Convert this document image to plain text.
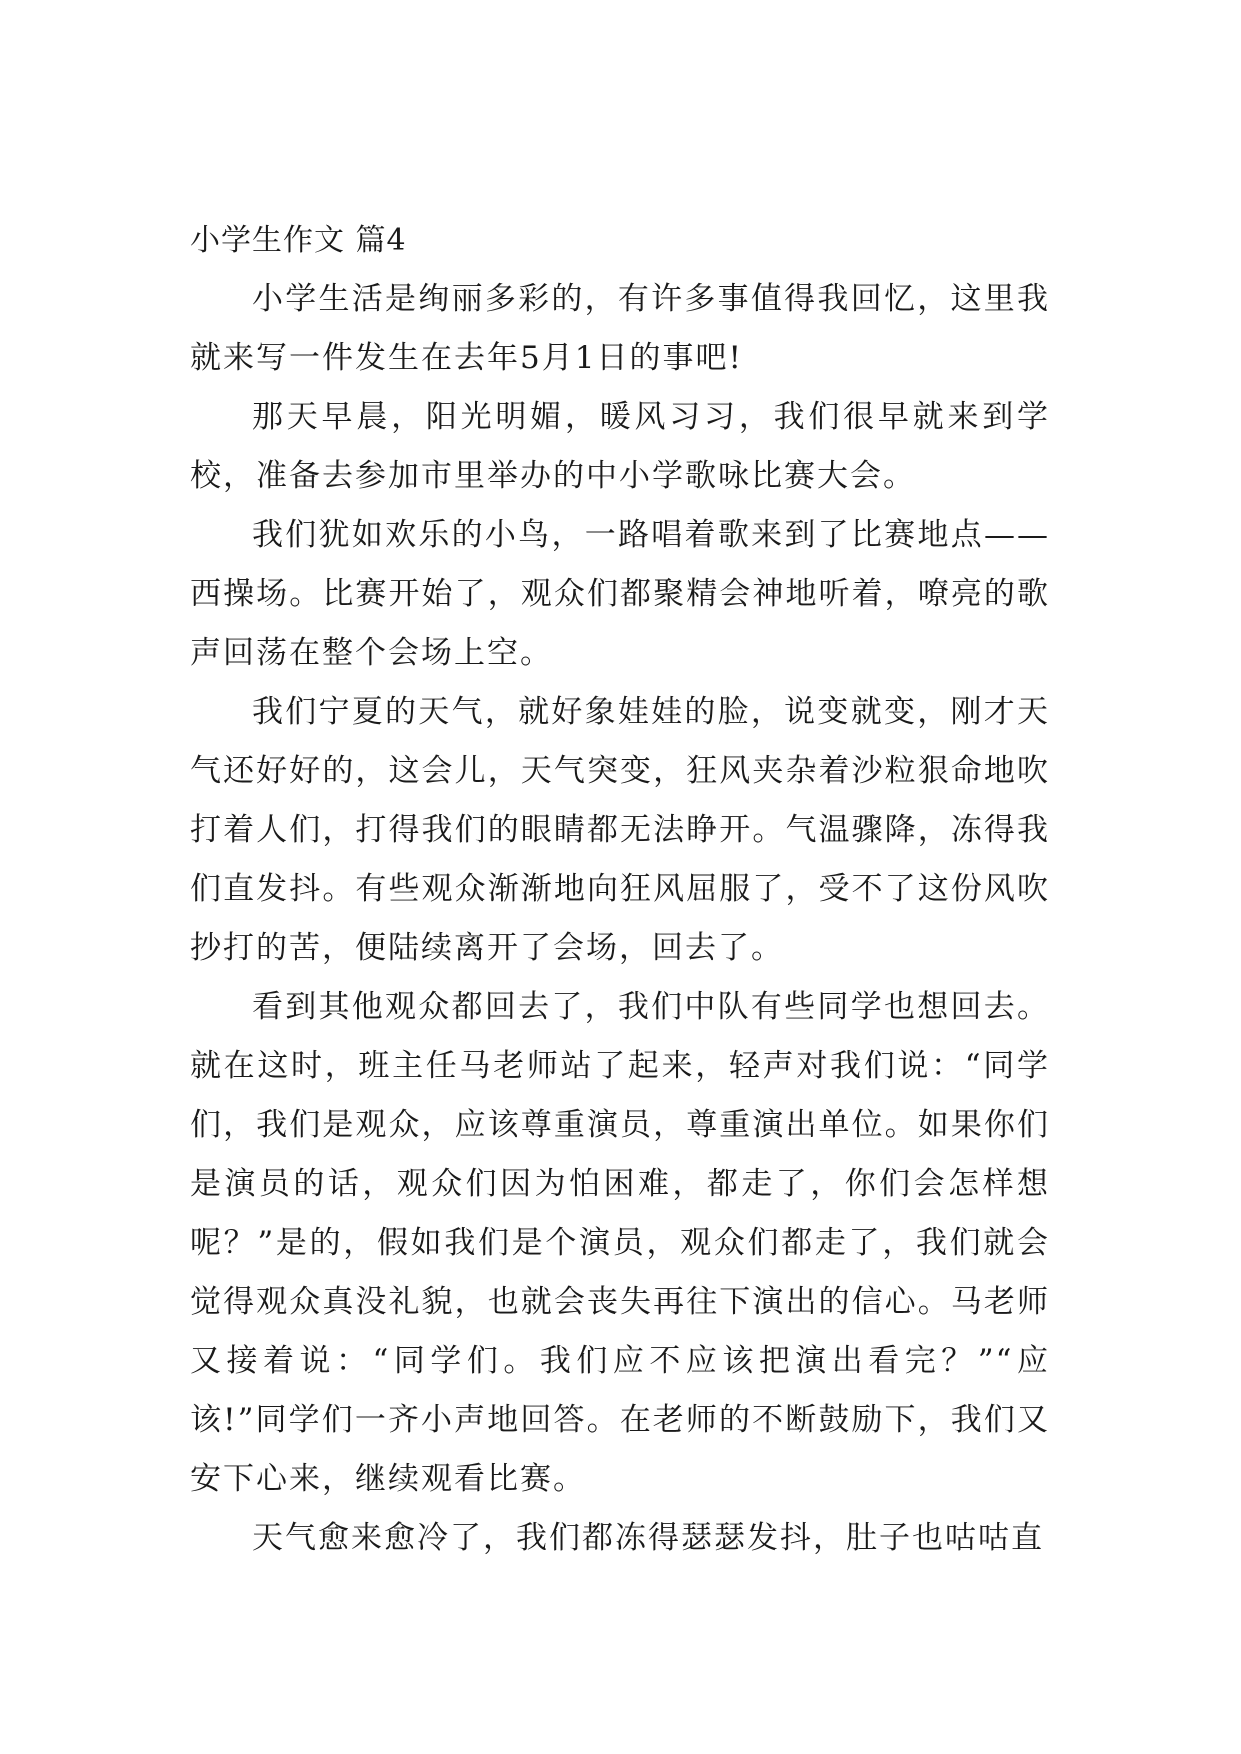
小学生作文 篇4

小学生活是绚丽多彩的，有许多事值得我回忆，这里我就来写一件发生在去年5月1日的事吧!

那天早晨，阳光明媚，暖风习习，我们很早就来到学校，准备去参加市里举办的中小学歌咏比赛大会。

我们犹如欢乐的小鸟，一路唱着歌来到了比赛地点——西操场。比赛开始了，观众们都聚精会神地听着，嘹亮的歌声回荡在整个会场上空。

我们宁夏的天气，就好象娃娃的脸，说变就变，刚才天气还好好的，这会儿，天气突变，狂风夹杂着沙粒狠命地吹打着人们，打得我们的眼睛都无法睁开。气温骤降，冻得我们直发抖。有些观众渐渐地向狂风屈服了，受不了这份风吹抄打的苦，便陆续离开了会场，回去了。

看到其他观众都回去了，我们中队有些同学也想回去。就在这时，班主任马老师站了起来，轻声对我们说：“同学们，我们是观众，应该尊重演员，尊重演出单位。如果你们是演员的话，观众们因为怕困难，都走了，你们会怎样想呢？”是的，假如我们是个演员，观众们都走了，我们就会觉得观众真没礼貌，也就会丧失再往下演出的信心。马老师又接着说：“同学们。我们应不应该把演出看完？”“应该!”同学们一齐小声地回答。在老师的不断鼓励下，我们又安下心来，继续观看比赛。

天气愈来愈冷了，我们都冻得瑟瑟发抖，肚子也咕咕直
